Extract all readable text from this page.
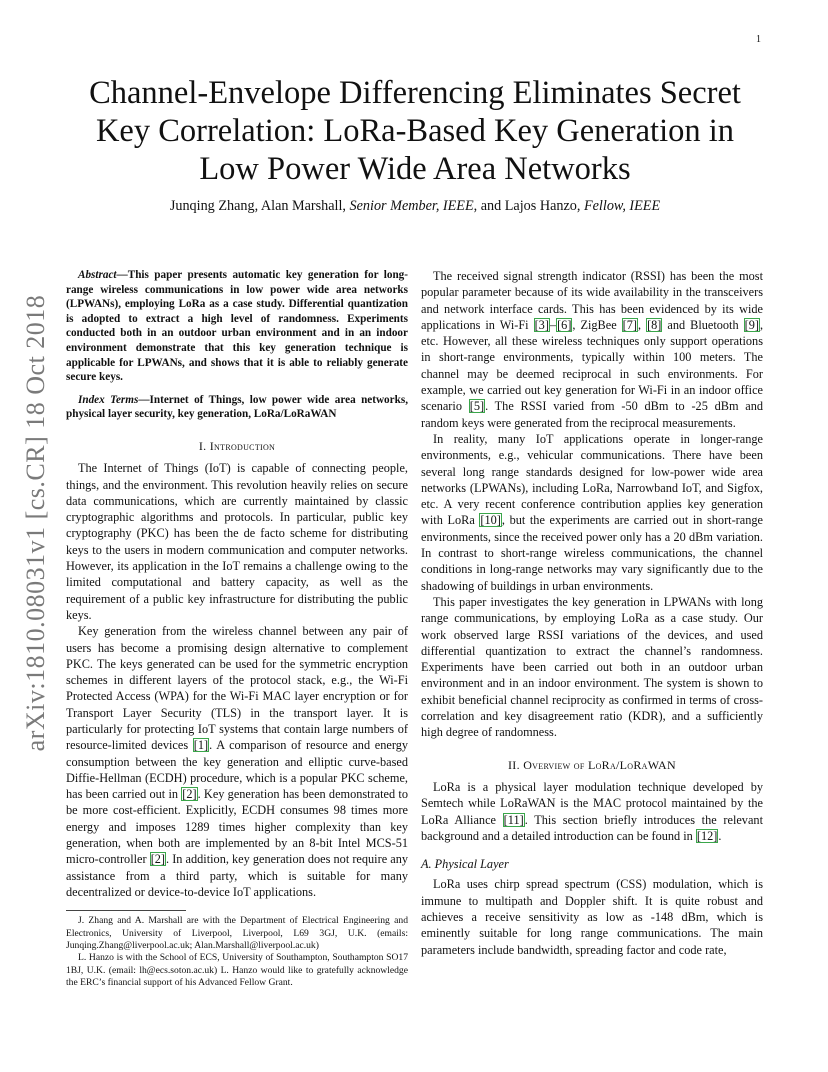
1
arXiv:1810.08031v1 [cs.CR] 18 Oct 2018
Channel-Envelope Differencing Eliminates Secret
Key Correlation: LoRa-Based Key Generation in
Low Power Wide Area Networks

Junqing Zhang, Alan Marshall, Senior Member, IEEE, and Lajos Hanzo, Fellow, IEEE

Abstract—This paper presents automatic key generation for long-range wireless communications in low power wide area networks (LPWANs), employing LoRa as a case study. Differential quantization is adopted to extract a high level of randomness. Experiments conducted both in an outdoor urban environment and in an indoor environment demonstrate that this key generation technique is applicable for LPWANs, and shows that it is able to reliably generate secure keys.

Index Terms—Internet of Things, low power wide area networks, physical layer security, key generation, LoRa/LoRaWAN

I. Introduction

The Internet of Things (IoT) is capable of connecting people, things, and the environment. This revolution heavily relies on secure data communications, which are currently maintained by classic cryptographic algorithms and protocols. In particular, public key cryptography (PKC) has been the de facto scheme for distributing keys to the users in modern communication and computer networks. However, its application in the IoT remains a challenge owing to the limited computational and battery capacity, as well as the requirement of a public key infrastructure for distributing the public keys.

Key generation from the wireless channel between any pair of users has become a promising design alternative to complement PKC. The keys generated can be used for the symmetric encryption schemes in different layers of the protocol stack, e.g., the Wi-Fi Protected Access (WPA) for the Wi-Fi MAC layer encryption or for Transport Layer Security (TLS) in the transport layer. It is particularly for protecting IoT systems that contain large numbers of resource-limited devices [1]. A comparison of resource and energy consumption between the key generation and elliptic curve-based Diffie-Hellman (ECDH) procedure, which is a popular PKC scheme, has been carried out in [2]. Key generation has been demonstrated to be more cost-efficient. Explicitly, ECDH consumes 98 times more energy and imposes 1289 times higher complexity than key generation, when both are implemented by an 8-bit Intel MCS-51 micro-controller [2]. In addition, key generation does not require any assistance from a third party, which is suitable for many decentralized or device-to-device IoT applications.

J. Zhang and A. Marshall are with the Department of Electrical Engineering and Electronics, University of Liverpool, Liverpool, L69 3GJ, U.K. (emails: Junqing.Zhang@liverpool.ac.uk; Alan.Marshall@liverpool.ac.uk)

L. Hanzo is with the School of ECS, University of Southampton, Southampton SO17 1BJ, U.K. (email: lh@ecs.soton.ac.uk) L. Hanzo would like to gratefully acknowledge the ERC’s financial support of his Advanced Fellow Grant.

The received signal strength indicator (RSSI) has been the most popular parameter because of its wide availability in the transceivers and network interface cards. This has been evidenced by its wide applications in Wi-Fi [3]–[6], ZigBee [7], [8] and Bluetooth [9], etc. However, all these wireless techniques only support operations in short-range environments, typically within 100 meters. The channel may be deemed reciprocal in such environments. For example, we carried out key generation for Wi-Fi in an indoor office scenario [5]. The RSSI varied from -50 dBm to -25 dBm and random keys were generated from the reciprocal measurements.

In reality, many IoT applications operate in longer-range environments, e.g., vehicular communications. There have been several long range standards designed for low-power wide area networks (LPWANs), including LoRa, Narrowband IoT, and Sigfox, etc. A very recent conference contribution applies key generation with LoRa [10], but the experiments are carried out in short-range environments, since the received power only has a 20 dBm variation. In contrast to short-range wireless communications, the channel conditions in long-range networks may vary significantly due to the shadowing of buildings in urban environments.

This paper investigates the key generation in LPWANs with long range communications, by employing LoRa as a case study. Our work observed large RSSI variations of the devices, and used differential quantization to extract the channel’s randomness. Experiments have been carried out both in an outdoor urban environment and in an indoor environment. The system is shown to exhibit beneficial channel reciprocity as confirmed in terms of cross-correlation and key disagreement ratio (KDR), and a sufficiently high degree of randomness.

II. Overview of LoRa/LoRaWAN

LoRa is a physical layer modulation technique developed by Semtech while LoRaWAN is the MAC protocol maintained by the LoRa Alliance [11]. This section briefly introduces the relevant background and a detailed introduction can be found in [12].

A. Physical Layer

LoRa uses chirp spread spectrum (CSS) modulation, which is immune to multipath and Doppler shift. It is quite robust and achieves a receive sensitivity as low as -148 dBm, which is eminently suitable for long range communications. The main parameters include bandwidth, spreading factor and code rate,
